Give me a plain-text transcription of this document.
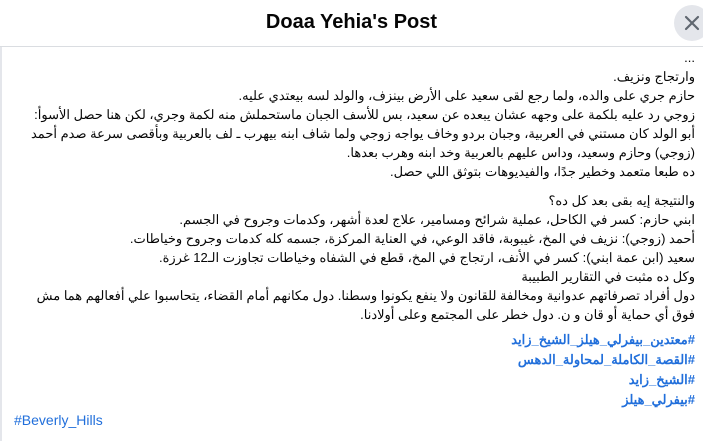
Doaa Yehia's Post

...

وارتجاج ونزيف.

حازم جري على والده، ولما رجع لقى سعيد على الأرض بينزف، والولد لسه بيعتدي عليه.

زوجي رد عليه بلكمة على وجهه عشان يبعده عن سعيد، بس للأسف الجبان ماستحملش منه لكمة وجري، لكن هنا حصل الأسوأ:

أبو الولد كان مستني في العربية، وجبان بردو وخاف يواجه زوجي ولما شاف ابنه بيهرب ـ لف بالعربية وبأقصى سرعة صدم أحمد (زوجي) وحازم وسعيد، وداس عليهم بالعربية وخد ابنه وهرب بعدها.

ده طبعا متعمد وخطير جدًا، والفيديوهات بتوثق اللي حصل.

والنتيجة إيه بقى بعد كل ده؟

ابني حازم: كسر في الكاحل، عملية شرائح ومسامير، علاج لعدة أشهر، وكدمات وجروح في الجسم.

أحمد (زوجي): نزيف في المخ، غيبوبة، فاقد الوعي، في العناية المركزة، جسمه كله كدمات وجروح وخياطات.

سعيد (ابن عمة ابني): كسر في الأنف، ارتجاج في المخ، قطع في الشفاه وخياطات تجاوزت الـ12 غرزة.

وكل ده مثبت في التقارير الطبيبة

دول أفراد تصرفاتهم عدوانية ومخالفة للقانون ولا ينفع يكونوا وسطنا. دول مكانهم أمام القضاء، يتحاسبوا علي أفعالهم هما مش فوق أي حماية أو قان و ن. دول خطر على المجتمع وعلى أولادنا.

#معتدين_بيفرلي_هيلز_الشيخ_زايد
#القصة_الكاملة_لمحاولة_الدهس
#الشيخ_زايد
#بيفرلي_هيلز
#Beverly_Hills
